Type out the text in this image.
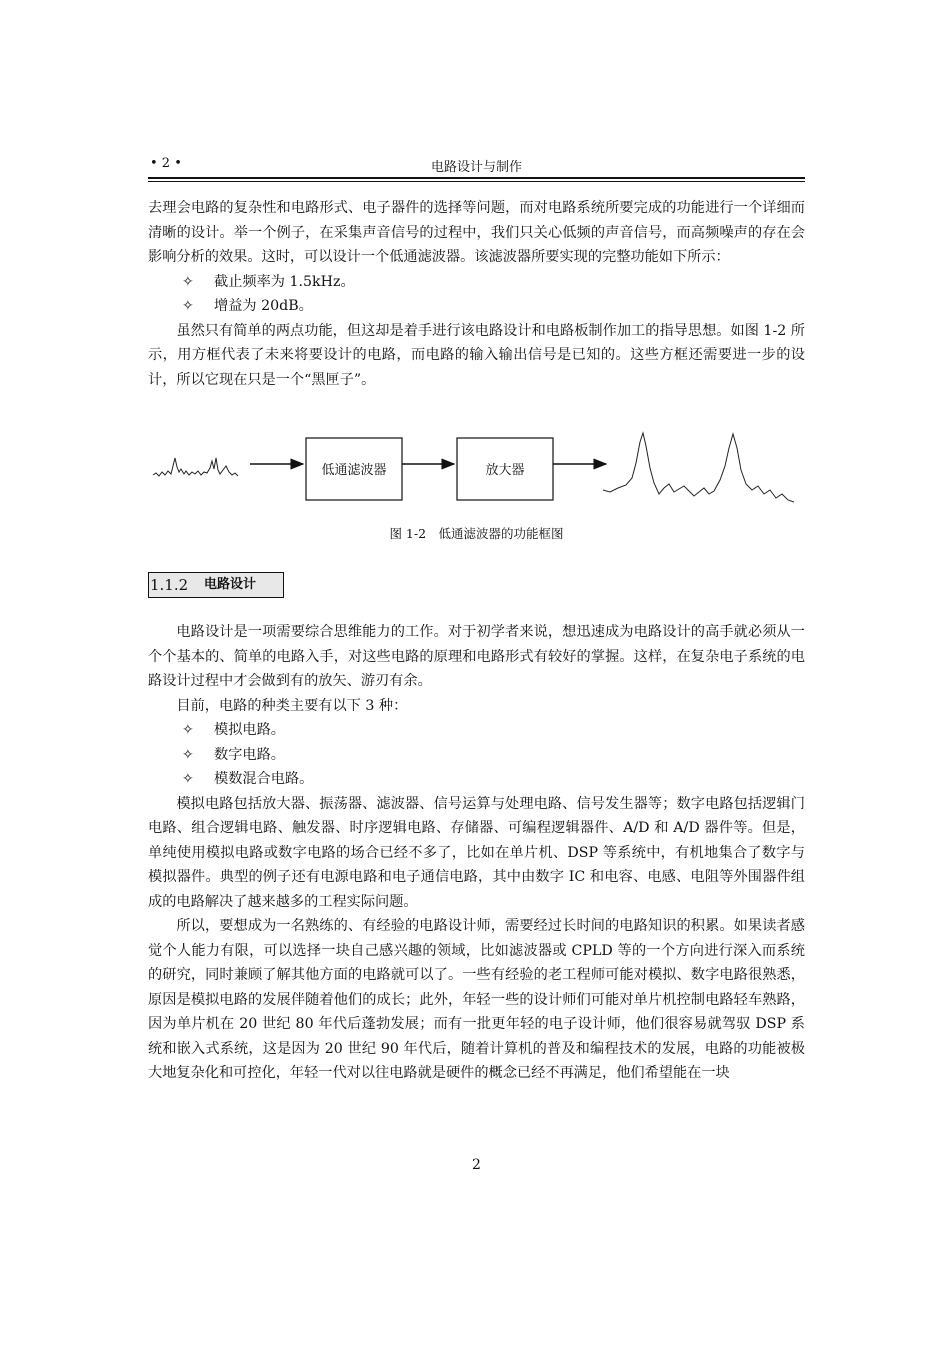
• 2 •	电路设计与制作

去理会电路的复杂性和电路形式、电子器件的选择等问题，而对电路系统所要完成的功能进行一个详细而清晰的设计。举一个例子，在采集声音信号的过程中，我们只关心低频的声音信号，而高频噪声的存在会影响分析的效果。这时，可以设计一个低通滤波器。该滤波器所要实现的完整功能如下所示：

✧ 截止频率为 1.5kHz。
✧ 增益为 20dB。

虽然只有简单的两点功能，但这却是着手进行该电路设计和电路板制作加工的指导思想。如图 1-2 所示，用方框代表了未来将要设计的电路，而电路的输入输出信号是已知的。这些方框还需要进一步的设计，所以它现在只是一个“黑匣子”。

低通滤波器	放大器
图 1-2　低通滤波器的功能框图
1.1.2 电路设计

电路设计是一项需要综合思维能力的工作。对于初学者来说，想迅速成为电路设计的高手就必须从一个个基本的、简单的电路入手，对这些电路的原理和电路形式有较好的掌握。这样，在复杂电子系统的电路设计过程中才会做到有的放矢、游刃有余。

目前，电路的种类主要有以下 3 种：

✧ 模拟电路。
✧ 数字电路。
✧ 模数混合电路。

模拟电路包括放大器、振荡器、滤波器、信号运算与处理电路、信号发生器等；数字电路包括逻辑门电路、组合逻辑电路、触发器、时序逻辑电路、存储器、可编程逻辑器件、A/D 和 A/D 器件等。但是，单纯使用模拟电路或数字电路的场合已经不多了，比如在单片机、DSP 等系统中，有机地集合了数字与模拟器件。典型的例子还有电源电路和电子通信电路，其中由数字 IC 和电容、电感、电阻等外围器件组成的电路解决了越来越多的工程实际问题。

所以，要想成为一名熟练的、有经验的电路设计师，需要经过长时间的电路知识的积累。如果读者感觉个人能力有限，可以选择一块自己感兴趣的领域，比如滤波器或 CPLD 等的一个方向进行深入而系统的研究，同时兼顾了解其他方面的电路就可以了。一些有经验的老工程师可能对模拟、数字电路很熟悉，原因是模拟电路的发展伴随着他们的成长；此外，年轻一些的设计师们可能对单片机控制电路轻车熟路，因为单片机在 20 世纪 80 年代后蓬勃发展；而有一批更年轻的电子设计师，他们很容易就驾驭 DSP 系统和嵌入式系统，这是因为 20 世纪 90 年代后，随着计算机的普及和编程技术的发展，电路的功能被极大地复杂化和可控化，年轻一代对以往电路就是硬件的概念已经不再满足，他们希望能在一块

2
